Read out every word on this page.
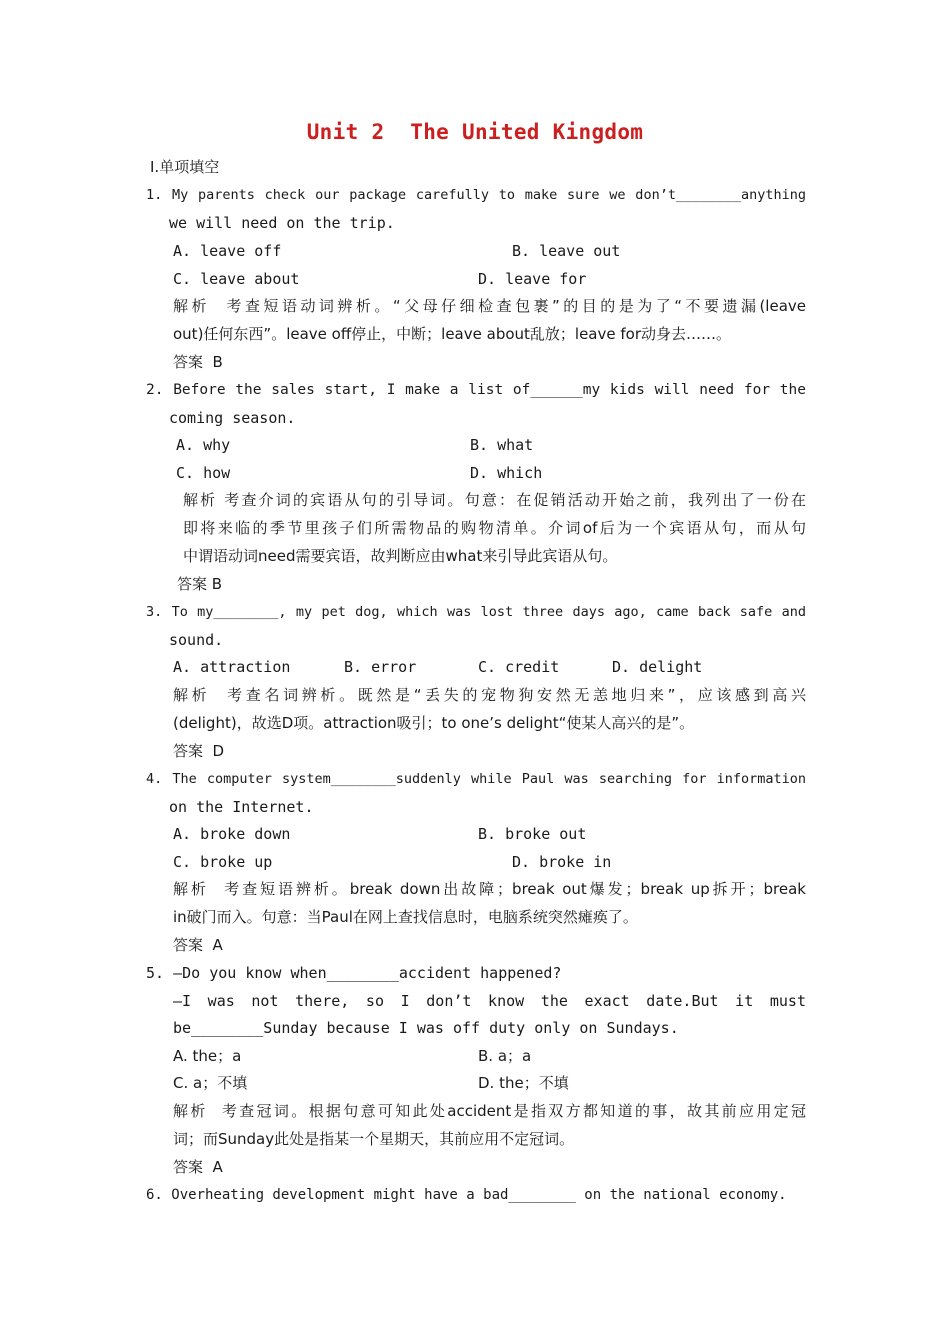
Unit 2  The United Kingdom
Ⅰ.单项填空
1. My parents check our package carefully to make sure we don’t________anything
we will need on the trip.
A. leave off	B. leave out
C. leave about	D. leave for
解析  考查短语动词辨析。“父母仔细检查包裹”的目的是为了“不要遗漏(leave
out)任何东西”。leave off停止，中断；leave about乱放；leave for动身去……。
答案  B
2. Before the sales start, I make a list of______my kids will need for the
coming season.
A. why	B. what
C. how	D. which
解析 考查介词的宾语从句的引导词。句意：在促销活动开始之前，我列出了一份在
即将来临的季节里孩子们所需物品的购物清单。介词of后为一个宾语从句，而从句
中谓语动词need需要宾语，故判断应由what来引导此宾语从句。
答案 B
3. To my________, my pet dog, which was lost three days ago, came back safe and
sound.
A. attraction	B. error	C. credit	D. delight
解析  考查名词辨析。既然是“丢失的宠物狗安然无恙地归来”，应该感到高兴
(delight)，故选D项。attraction吸引；to one’s delight“使某人高兴的是”。
答案  D
4. The computer system________suddenly while Paul was searching for information
on the Internet.
A. broke down	B. broke out
C. broke up	D. broke in
解析  考查短语辨析。break down出故障；break out爆发；break up拆开；break
in破门而入。句意：当Paul在网上查找信息时，电脑系统突然瘫痪了。
答案  A
5. —Do you know when________accident happened?
—I was not there, so I don’t know the exact date.But it must
be________Sunday because I was off duty only on Sundays.
A. the；a	B. a；a
C. a；不填	D. the；不填
解析  考查冠词。根据句意可知此处accident是指双方都知道的事，故其前应用定冠
词；而Sunday此处是指某一个星期天，其前应用不定冠词。
答案  A
6. Overheating development might have a bad________ on the national economy.
